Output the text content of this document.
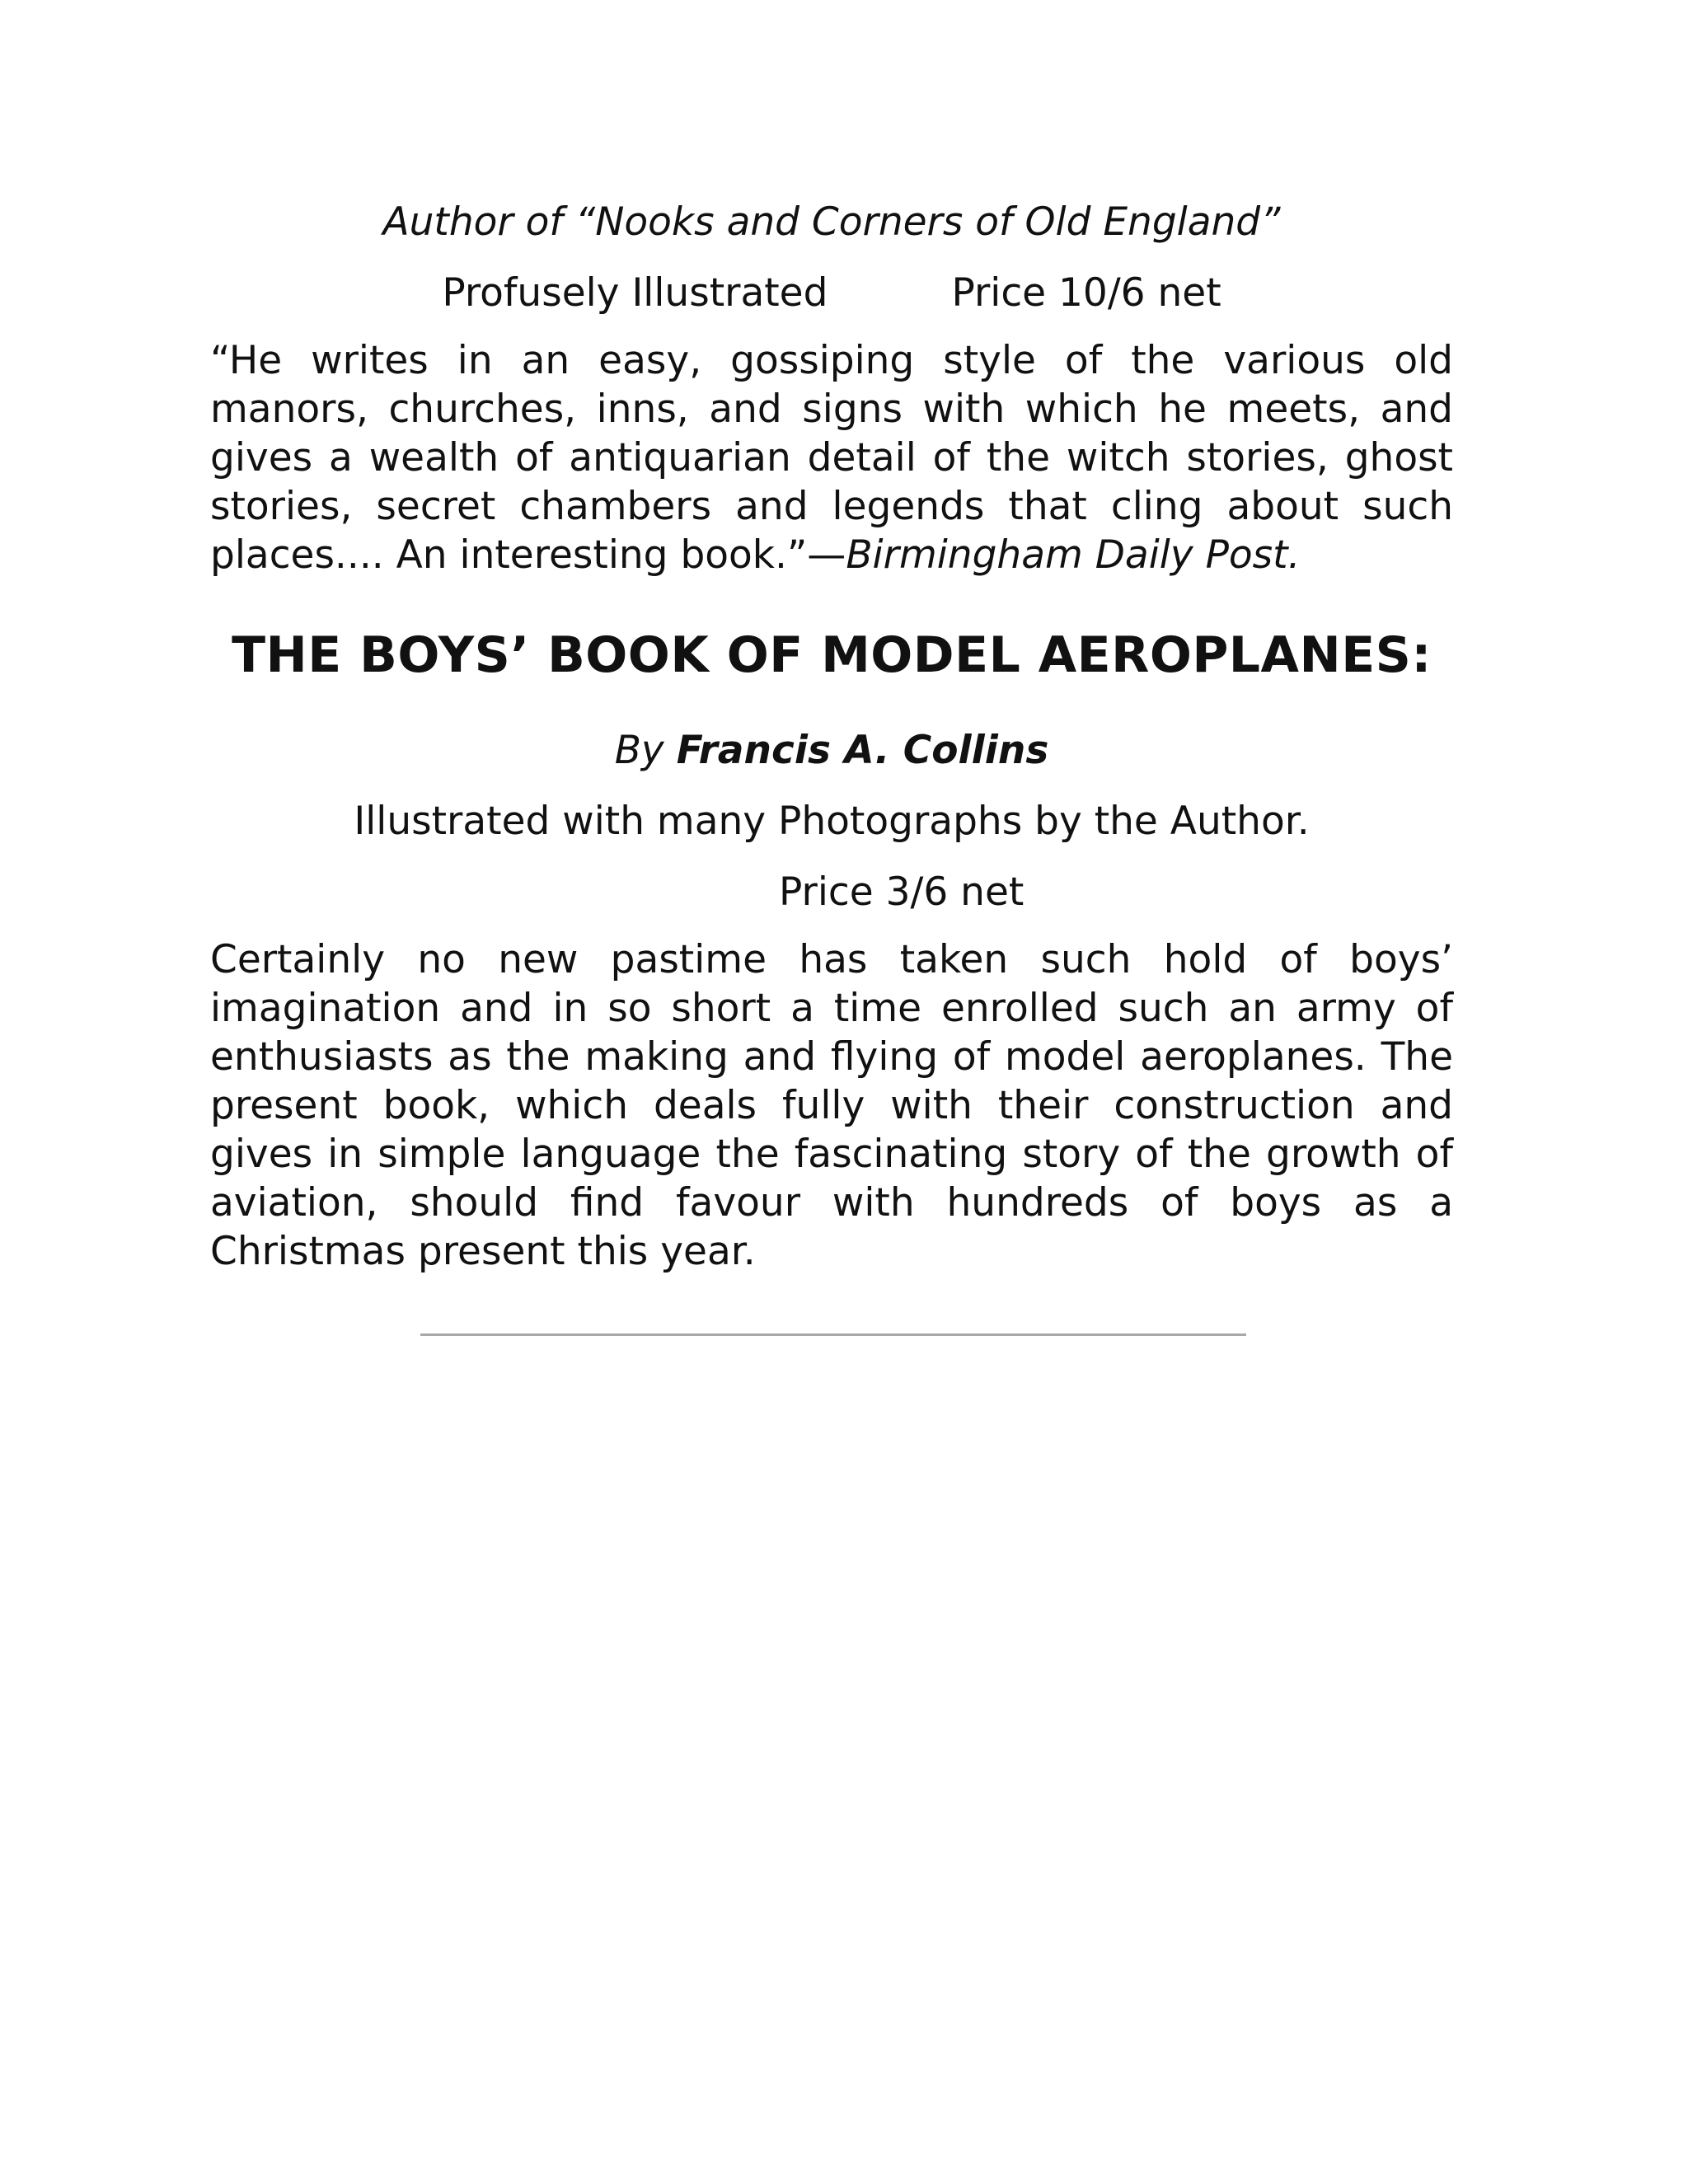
Author of “Nooks and Corners of Old England”

Profusely Illustrated	Price 10/6 net

“He writes in an easy, gossiping style of the various old manors, churches, inns, and signs with which he meets, and gives a wealth of antiquarian detail of the witch stories, ghost stories, secret chambers and legends that cling about such places.... An interesting book.”—Birmingham Daily Post.

THE BOYS’ BOOK OF MODEL AEROPLANES:

By Francis A. Collins

Illustrated with many Photographs by the Author.

Price 3/6 net

Certainly no new pastime has taken such hold of boys’ imagination and in so short a time enrolled such an army of enthusiasts as the making and flying of model aeroplanes. The present book, which deals fully with their construction and gives in simple language the fascinating story of the growth of aviation, should find favour with hundreds of boys as a Christmas present this year.
